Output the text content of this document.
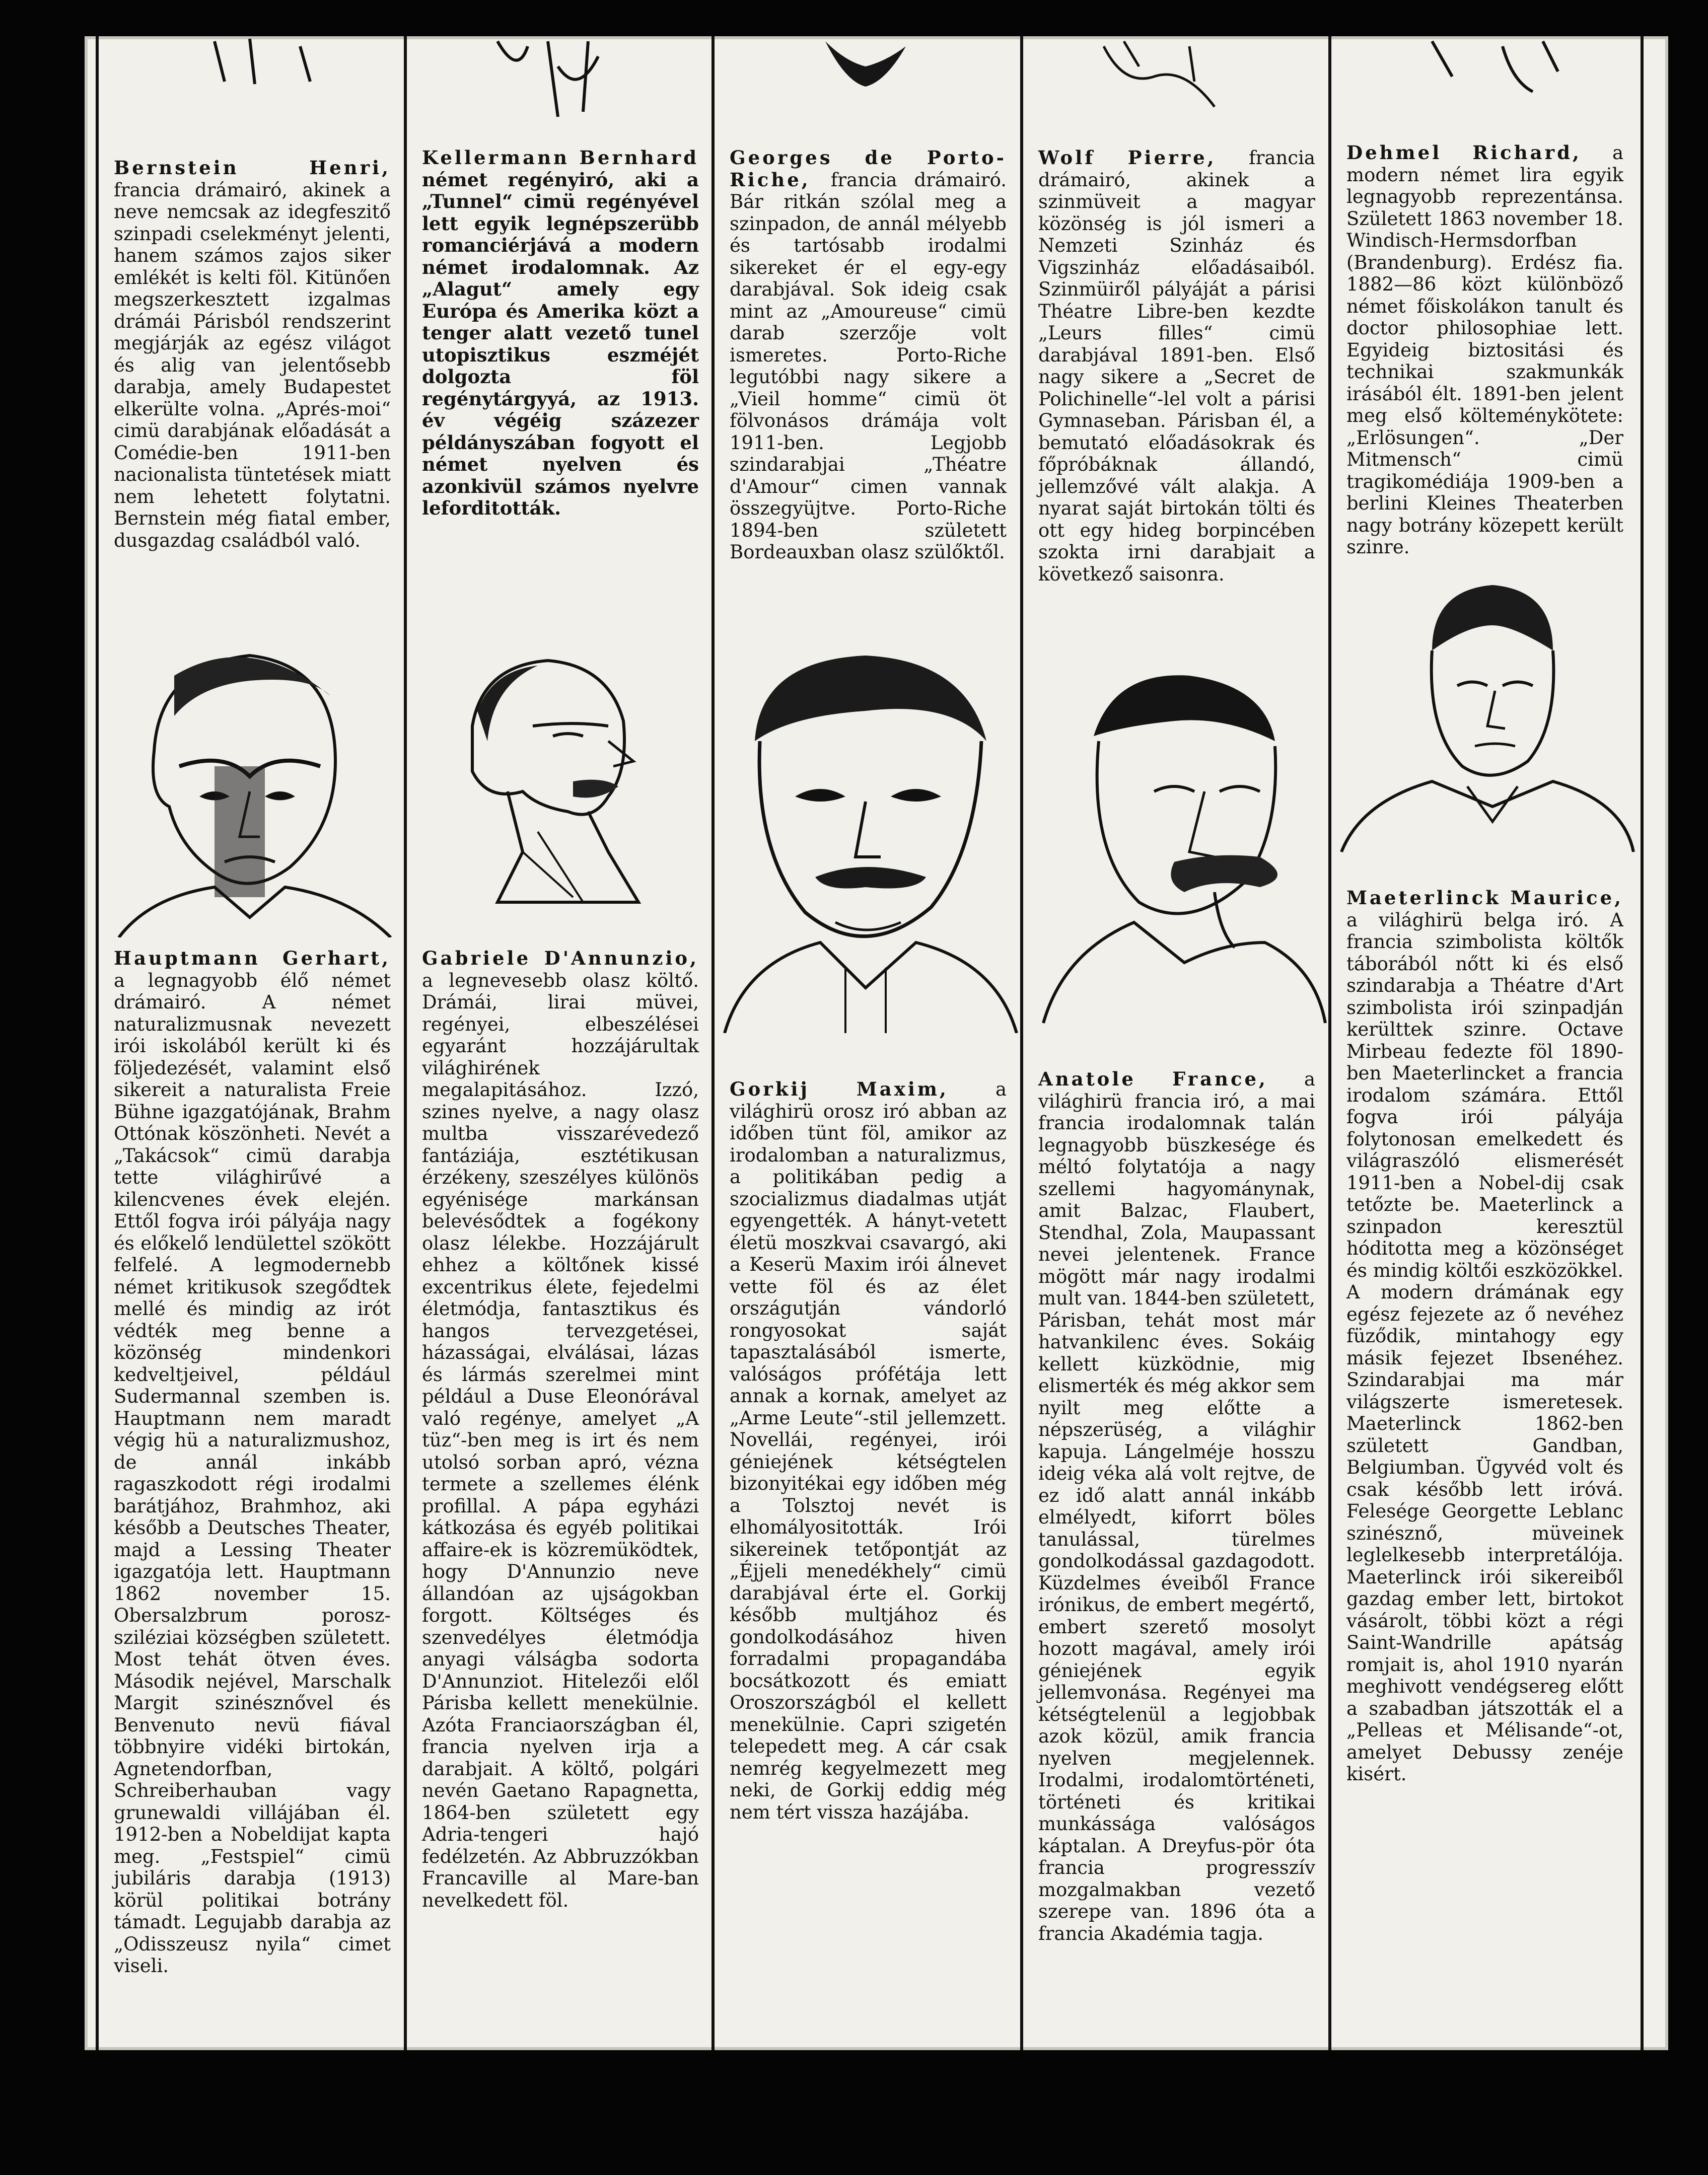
Bernstein Henri, francia drámairó, akinek a neve nemcsak az idegfeszitő szinpadi cselekményt jelenti, hanem számos zajos siker emlékét is kelti föl. Kitünően megszerkesztett izgalmas drámái Párisból rendszerint megjárják az egész világot és alig van jelentősebb darabja, amely Budapestet elkerülte volna. „Aprés-moi“ cimü darabjának előadását a Comédie-ben 1911-ben nacionalista tüntetések miatt nem lehetett folytatni. Bernstein még fiatal ember, dusgazdag családból való.
Hauptmann Gerhart, a legnagyobb élő német drámairó. A német naturalizmusnak nevezett irói iskolából került ki és följedezését, valamint első sikereit a naturalista Freie Bühne igazgatójának, Brahm Ottónak köszönheti. Nevét a „Takácsok“ cimü darabja tette világhirűvé a kilencvenes évek elején. Ettől fogva irói pályája nagy és előkelő lendülettel szökött felfelé. A legmodernebb német kritikusok szegődtek mellé és mindig az irót védték meg benne a közönség mindenkori kedveltjeivel, például Sudermannal szemben is. Hauptmann nem maradt végig hü a naturalizmushoz, de annál inkább ragaszkodott régi irodalmi barátjához, Brahmhoz, aki később a Deutsches Theater, majd a Lessing Theater igazgatója lett. Hauptmann 1862 november 15. Obersalzbrum porosz-sziléziai községben született. Most tehát ötven éves. Második nejével, Marschalk Margit szinésznővel és Benvenuto nevü fiával többnyire vidéki birtokán, Agnetendorfban, Schreiberhauban vagy grunewaldi villájában él. 1912-ben a Nobeldijat kapta meg. „Festspiel“ cimü jubiláris darabja (1913) körül politikai botrány támadt. Legujabb darabja az „Odisszeusz nyila“ cimet viseli.
Kellermann Bernhard német regényiró, aki a „Tunnel“ cimü regényével lett egyik legnépszerübb romanciérjává a modern német irodalomnak. Az „Alagut“ amely egy Európa és Amerika közt a tenger alatt vezető tunel utopisztikus eszméjét dolgozta föl regénytárgyyá, az 1913. év végéig százezer példányszában fogyott el német nyelven és azonkivül számos nyelvre leforditották.
Gabriele D'Annunzio, a legnevesebb olasz költő. Drámái, lirai müvei, regényei, elbeszélései egyaránt hozzájárultak világhirének megalapitásához. Izzó, szines nyelve, a nagy olasz multba visszarévedező fantáziája, esztétikusan érzékeny, szeszélyes különös egyénisége markánsan belevésődtek a fogékony olasz lélekbe. Hozzájárult ehhez a költőnek kissé excentrikus élete, fejedelmi életmódja, fantasztikus és hangos tervezgetései, házasságai, elválásai, lázas és lármás szerelmei mint például a Duse Eleonórával való regénye, amelyet „A tüz“-ben meg is irt és nem utolsó sorban apró, vézna termete a szellemes élénk profillal. A pápa egyházi kátkozása és egyéb politikai affaire-ek is közremüködtek, hogy D'Annunzio neve állandóan az ujságokban forgott. Költséges és szenvedélyes életmódja anyagi válságba sodorta D'Annunziot. Hitelezői elől Párisba kellett menekülnie. Azóta Franciaországban él, francia nyelven irja a darabjait. A költő, polgári nevén Gaetano Rapagnetta, 1864-ben született egy Adria-tengeri hajó fedélzetén. Az Abbruzzókban Francaville al Mare-ban nevelkedett föl.
Georges de Porto-Riche, francia drámairó. Bár ritkán szólal meg a szinpadon, de annál mélyebb és tartósabb irodalmi sikereket ér el egy-egy darabjával. Sok ideig csak mint az „Amoureuse“ cimü darab szerzője volt ismeretes. Porto-Riche legutóbbi nagy sikere a „Vieil homme“ cimü öt fölvonásos drámája volt 1911-ben. Legjobb szindarabjai „Théatre d'Amour“ cimen vannak összegyüjtve. Porto-Riche 1894-ben született Bordeauxban olasz szülőktől.
Gorkij Maxim, a világhirü orosz iró abban az időben tünt föl, amikor az irodalomban a naturalizmus, a politikában pedig a szocializmus diadalmas utját egyengették. A hányt-vetett életü moszkvai csavargó, aki a Keserü Maxim irói álnevet vette föl és az élet országutján vándorló rongyosokat saját tapasztalásából ismerte, valóságos prófétája lett annak a kornak, amelyet az „Arme Leute“-stil jellemzett. Novellái, regényei, irói géniejének kétségtelen bizonyitékai egy időben még a Tolsztoj nevét is elhomályositották. Irói sikereinek tetőpontját az „Éjjeli menedékhely“ cimü darabjával érte el. Gorkij később multjához és gondolkodásához hiven forradalmi propagandába bocsátkozott és emiatt Oroszországból el kellett menekülnie. Capri szigetén telepedett meg. A cár csak nemrég kegyelmezett meg neki, de Gorkij eddig még nem tért vissza hazájába.
Wolf Pierre, francia drámairó, akinek a szinmüveit a magyar közönség is jól ismeri a Nemzeti Szinház és Vigszinház előadásaiból. Szinmüiről pályáját a párisi Théatre Libre-ben kezdte „Leurs filles“ cimü darabjával 1891-ben. Első nagy sikere a „Secret de Polichinelle“-lel volt a párisi Gymnaseban. Párisban él, a bemutató előadásokrak és főpróbáknak állandó, jellemzővé vált alakja. A nyarat saját birtokán tölti és ott egy hideg borpincében szokta irni darabjait a következő saisonra.
Anatole France, a világhirü francia iró, a mai francia irodalomnak talán legnagyobb büszkesége és méltó folytatója a nagy szellemi hagyománynak, amit Balzac, Flaubert, Stendhal, Zola, Maupassant nevei jelentenek. France mögött már nagy irodalmi mult van. 1844-ben született, Párisban, tehát most már hatvankilenc éves. Sokáig kellett küzködnie, mig elismerték és még akkor sem nyilt meg előtte a népszerüség, a világhir kapuja. Lángelméje hosszu ideig véka alá volt rejtve, de ez idő alatt annál inkább elmélyedt, kiforrt böles tanulással, türelmes gondolkodással gazdagodott. Küzdelmes éveiből France irónikus, de embert megértő, embert szerető mosolyt hozott magával, amely irói géniejének egyik jellemvonása. Regényei ma kétségtelenül a legjobbak azok közül, amik francia nyelven megjelennek. Irodalmi, irodalomtörténeti, történeti és kritikai munkássága valóságos káptalan. A Dreyfus-pör óta francia progresszív mozgalmakban vezető szerepe van. 1896 óta a francia Akadémia tagja.
Dehmel Richard, a modern német lira egyik legnagyobb reprezentánsa. Született 1863 november 18. Windisch-Hermsdorfban (Brandenburg). Erdész fia. 1882—86 közt különböző német főiskolákon tanult és doctor philosophiae lett. Egyideig biztositási és technikai szakmunkák irásából élt. 1891-ben jelent meg első költeménykötete: „Erlösungen“. „Der Mitmensch“ cimü tragikomédiája 1909-ben a berlini Kleines Theaterben nagy botrány közepett került szinre.
Maeterlinck Maurice, a világhirü belga iró. A francia szimbolista költők táborából nőtt ki és első szindarabja a Théatre d'Art szimbolista irói szinpadján kerülttek szinre. Octave Mirbeau fedezte föl 1890-ben Maeterlincket a francia irodalom számára. Ettől fogva irói pályája folytonosan emelkedett és világraszóló elismerését 1911-ben a Nobel-dij csak tetőzte be. Maeterlinck a szinpadon keresztül hóditotta meg a közönséget és mindig költői eszközökkel. A modern drámának egy egész fejezete az ő nevéhez füződik, mintahogy egy másik fejezet Ibsenéhez. Szindarabjai ma már világszerte ismeretesek. Maeterlinck 1862-ben született Gandban, Belgiumban. Ügyvéd volt és csak később lett iróvá. Felesége Georgette Leblanc szinésznő, müveinek leglelkesebb interpretálója. Maeterlinck irói sikereiből gazdag ember lett, birtokot vásárolt, többi közt a régi Saint-Wandrille apátság romjait is, ahol 1910 nyarán meghivott vendégsereg előtt a szabadban játszották el a „Pelleas et Mélisande“-ot, amelyet Debussy zenéje kisért.
